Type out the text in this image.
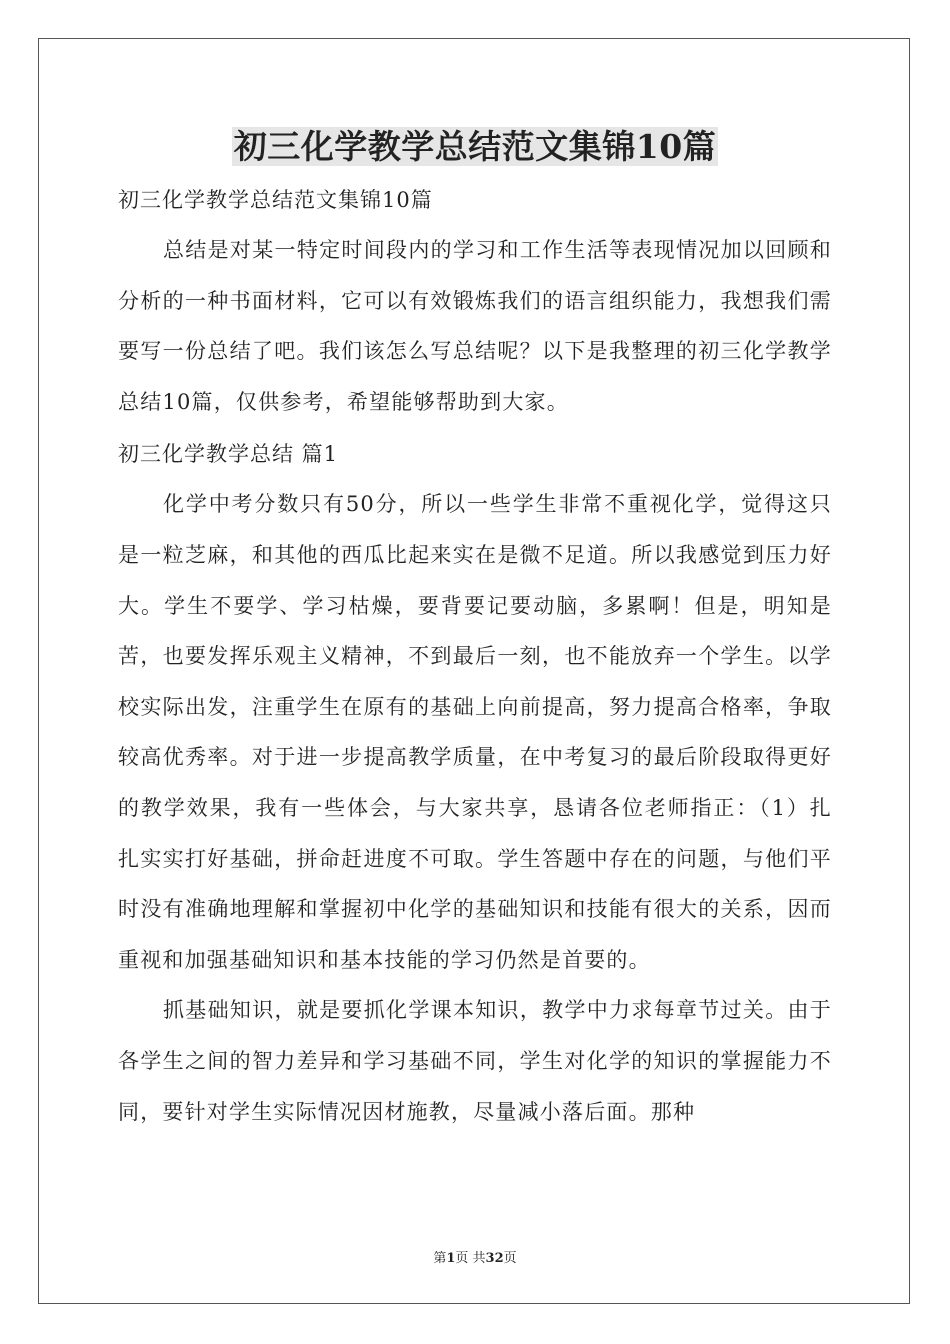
初三化学教学总结范文集锦10篇

初三化学教学总结范文集锦10篇

总结是对某一特定时间段内的学习和工作生活等表现情况加以回顾和分析的一种书面材料，它可以有效锻炼我们的语言组织能力，我想我们需要写一份总结了吧。我们该怎么写总结呢？以下是我整理的初三化学教学总结10篇，仅供参考，希望能够帮助到大家。

初三化学教学总结 篇1

化学中考分数只有50分，所以一些学生非常不重视化学，觉得这只是一粒芝麻，和其他的西瓜比起来实在是微不足道。所以我感觉到压力好大。学生不要学、学习枯燥，要背要记要动脑，多累啊！但是，明知是苦，也要发挥乐观主义精神，不到最后一刻，也不能放弃一个学生。以学校实际出发，注重学生在原有的基础上向前提高，努力提高合格率，争取较高优秀率。对于进一步提高教学质量，在中考复习的最后阶段取得更好的教学效果，我有一些体会，与大家共享，恳请各位老师指正：（1）扎扎实实打好基础，拼命赶进度不可取。学生答题中存在的问题，与他们平时没有准确地理解和掌握初中化学的基础知识和技能有很大的关系，因而重视和加强基础知识和基本技能的学习仍然是首要的。

抓基础知识，就是要抓化学课本知识，教学中力求每章节过关。由于各学生之间的智力差异和学习基础不同，学生对化学的知识的掌握能力不同，要针对学生实际情况因材施教，尽量减小落后面。那种

第1页 共32页
